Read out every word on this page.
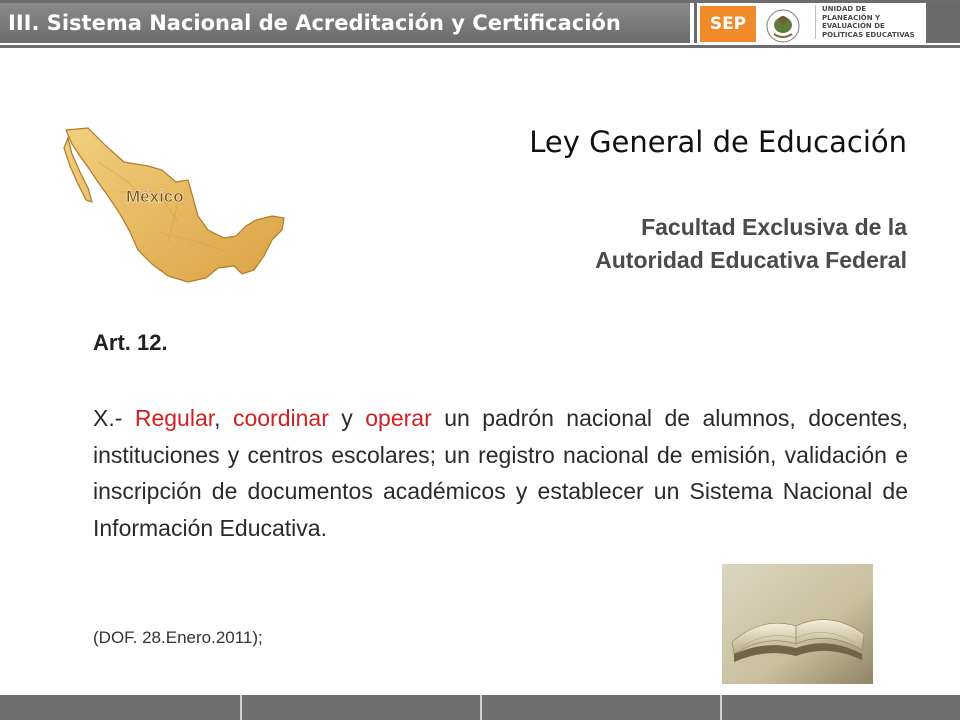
III. Sistema Nacional de Acreditación y Certificación	SEP
UNIDAD DE
PLANEACIÓN Y
EVALUACIÓN DE
POLÍTICAS EDUCATIVAS
México
Ley General de Educación
Facultad Exclusiva de la
Autoridad Educativa Federal
Art. 12.
X.- Regular, coordinar y operar un padrón nacional de alumnos, docentes, instituciones y centros escolares; un registro nacional de emisión, validación e inscripción de documentos académicos y establecer un Sistema Nacional de Información Educativa.
(DOF. 28.Enero.2011);
